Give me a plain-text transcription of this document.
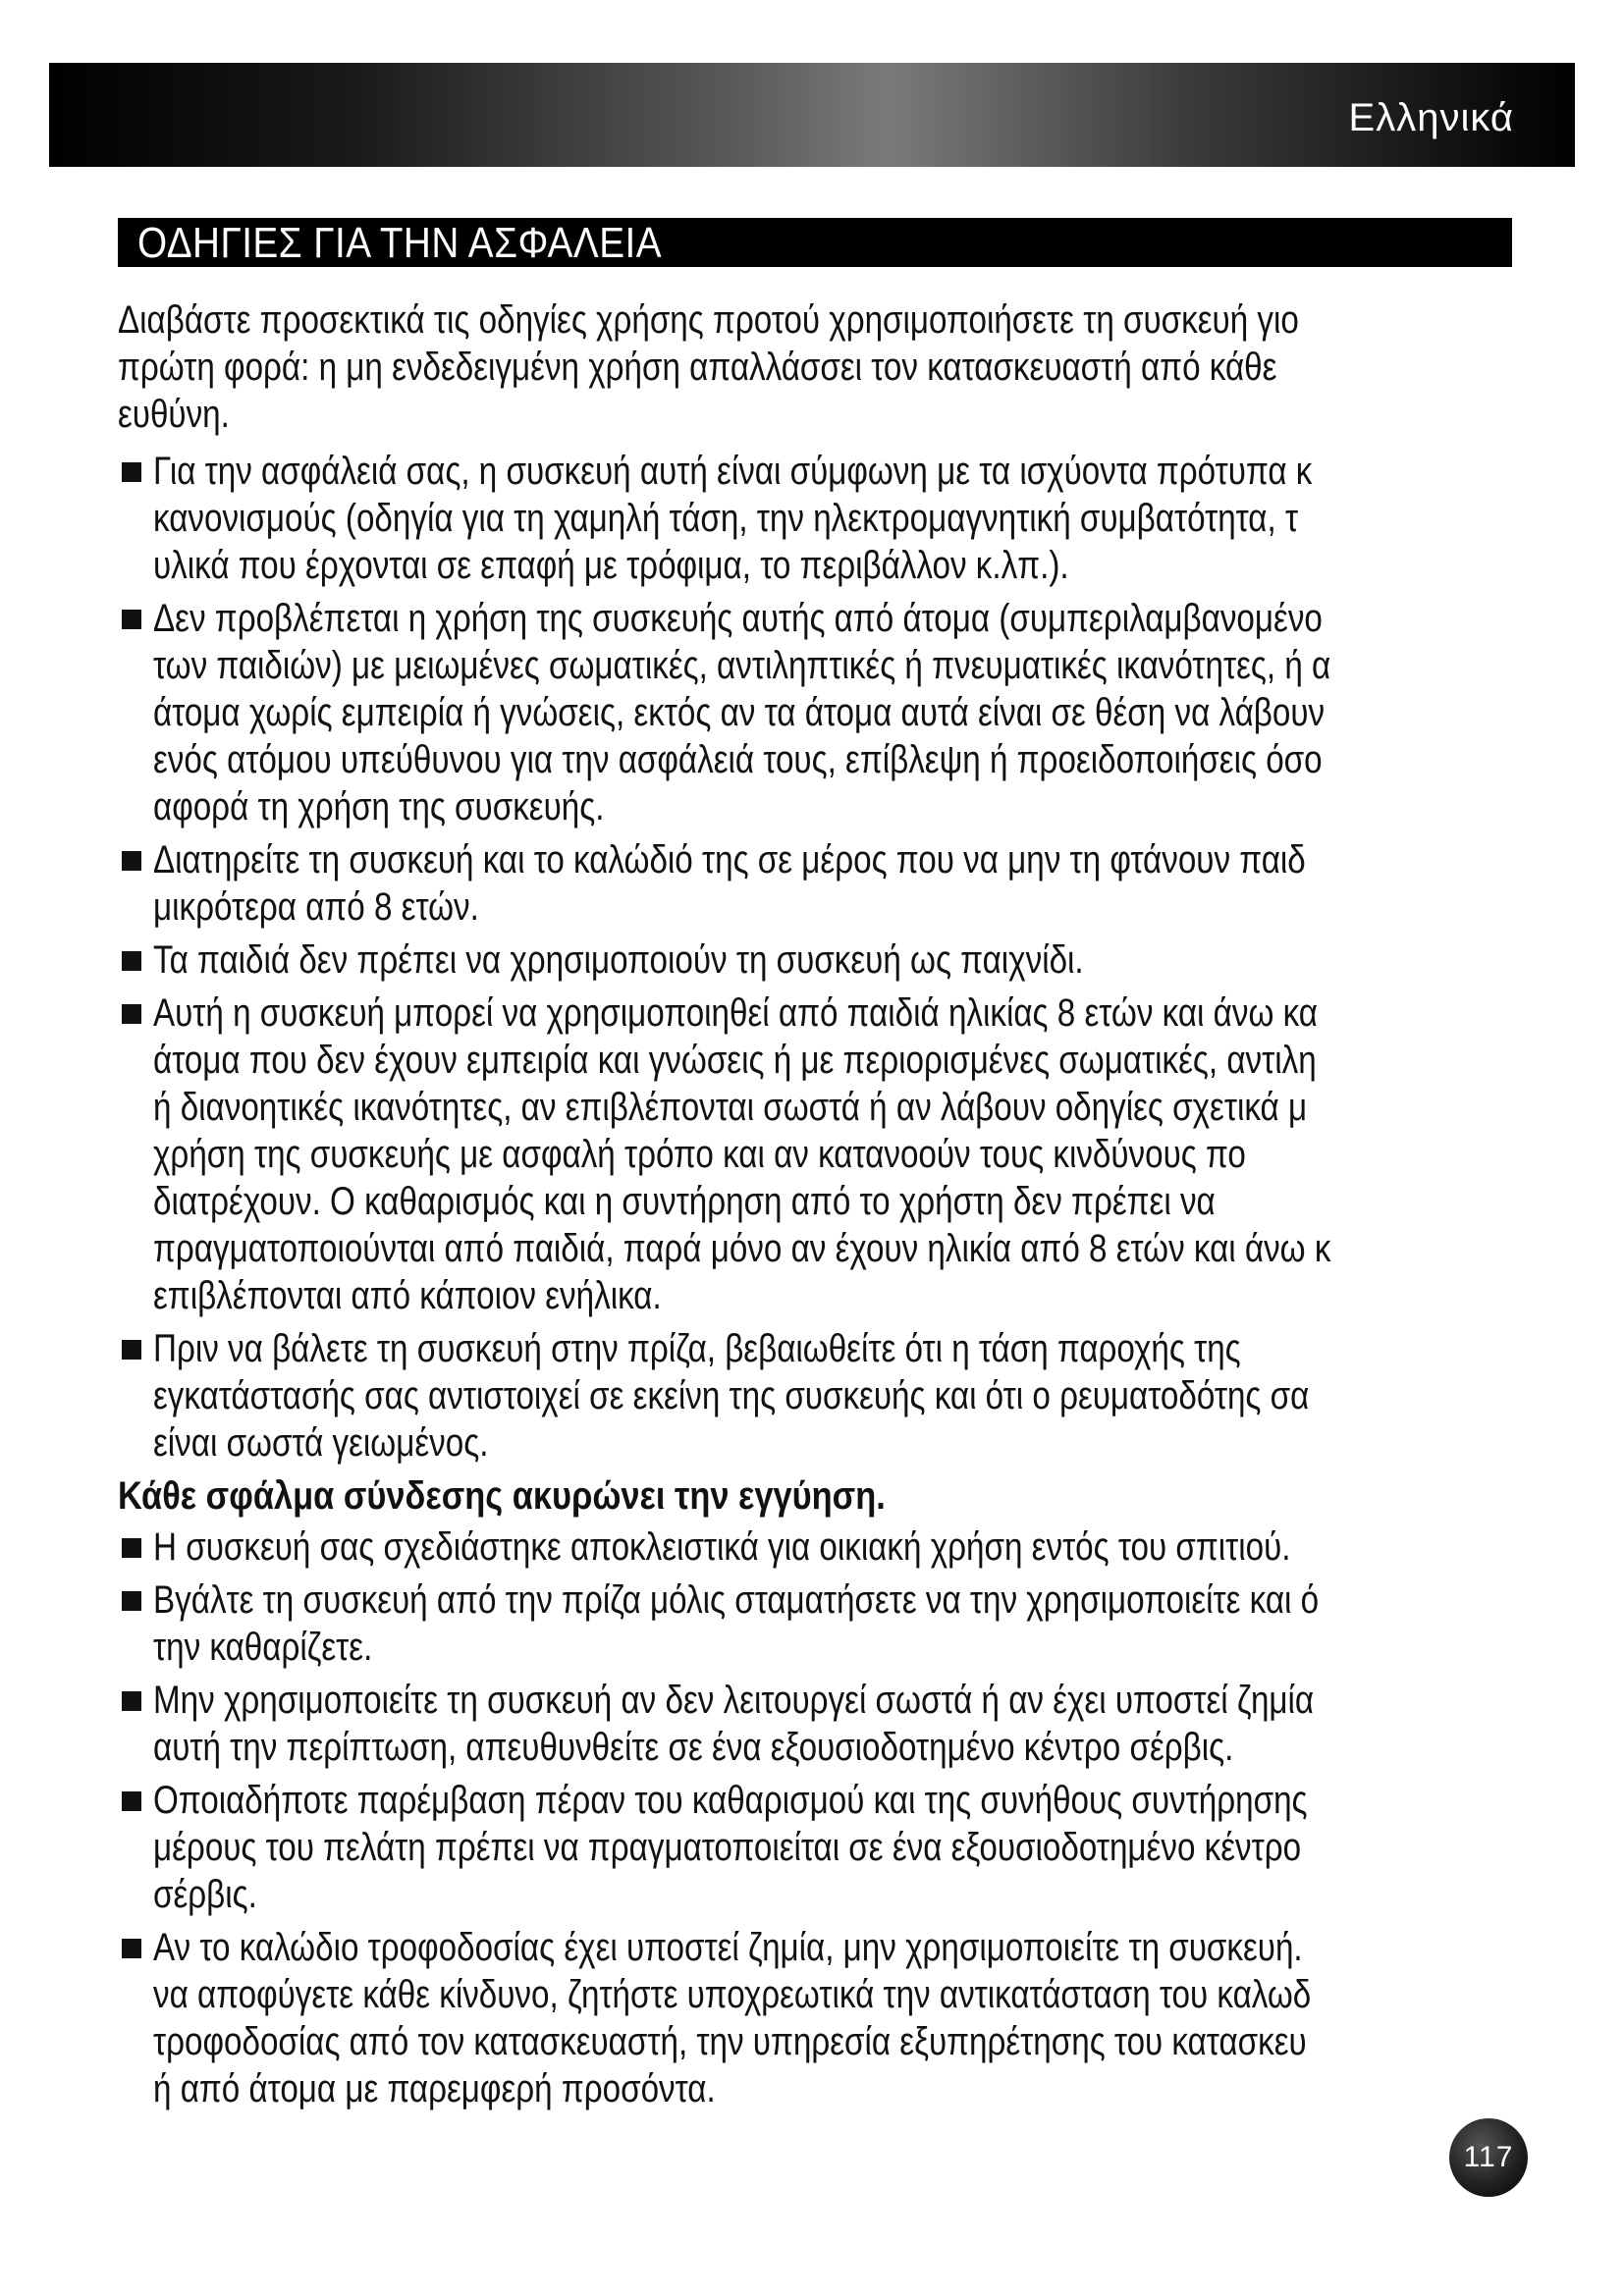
Ελληνικά
ΟΔΗΓΙΕΣ ΓΙΑ ΤΗΝ ΑΣΦΑΛΕΙΑ
Διαβάστε προσεκτικά τις οδηγίες χρήσης προτού χρησιμοποιήσετε τη συσκευή γιο
πρώτη φορά: η μη ενδεδειγμένη χρήση απαλλάσσει τον κατασκευαστή από κάθε
ευθύνη.
Για την ασφάλειά σας, η συσκευή αυτή είναι σύμφωνη με τα ισχύοντα πρότυπα κ
κανονισμούς (οδηγία για τη χαμηλή τάση, την ηλεκτρομαγνητική συμβατότητα, τ
υλικά που έρχονται σε επαφή με τρόφιμα, το περιβάλλον κ.λπ.).
Δεν προβλέπεται η χρήση της συσκευής αυτής από άτομα (συμπεριλαμβανομένο
των παιδιών) με μειωμένες σωματικές, αντιληπτικές ή πνευματικές ικανότητες, ή α
άτομα χωρίς εμπειρία ή γνώσεις, εκτός αν τα άτομα αυτά είναι σε θέση να λάβουν
ενός ατόμου υπεύθυνου για την ασφάλειά τους, επίβλεψη ή προειδοποιήσεις όσο
αφορά τη χρήση της συσκευής.
Διατηρείτε τη συσκευή και το καλώδιό της σε μέρος που να μην τη φτάνουν παιδ
μικρότερα από 8 ετών.
Τα παιδιά δεν πρέπει να χρησιμοποιούν τη συσκευή ως παιχνίδι.
Αυτή η συσκευή μπορεί να χρησιμοποιηθεί από παιδιά ηλικίας 8 ετών και άνω κα
άτομα που δεν έχουν εμπειρία και γνώσεις ή με περιορισμένες σωματικές, αντιλη
ή διανοητικές ικανότητες, αν επιβλέπονται σωστά ή αν λάβουν οδηγίες σχετικά μ
χρήση της συσκευής με ασφαλή τρόπο και αν κατανοούν τους κινδύνους πο
διατρέχουν. Ο καθαρισμός και η συντήρηση από το χρήστη δεν πρέπει να
πραγματοποιούνται από παιδιά, παρά μόνο αν έχουν ηλικία από 8 ετών και άνω κ
επιβλέπονται από κάποιον ενήλικα.
Πριν να βάλετε τη συσκευή στην πρίζα, βεβαιωθείτε ότι η τάση παροχής της
εγκατάστασής σας αντιστοιχεί σε εκείνη της συσκευής και ότι ο ρευματοδότης σα
είναι σωστά γειωμένος.
Κάθε σφάλμα σύνδεσης ακυρώνει την εγγύηση.
Η συσκευή σας σχεδιάστηκε αποκλειστικά για οικιακή χρήση εντός του σπιτιού.
Βγάλτε τη συσκευή από την πρίζα μόλις σταματήσετε να την χρησιμοποιείτε και ό
την καθαρίζετε.
Μην χρησιμοποιείτε τη συσκευή αν δεν λειτουργεί σωστά ή αν έχει υποστεί ζημία
αυτή την περίπτωση, απευθυνθείτε σε ένα εξουσιοδοτημένο κέντρο σέρβις.
Οποιαδήποτε παρέμβαση πέραν του καθαρισμού και της συνήθους συντήρησης
μέρους του πελάτη πρέπει να πραγματοποιείται σε ένα εξουσιοδοτημένο κέντρο
σέρβις.
Αν το καλώδιο τροφοδοσίας έχει υποστεί ζημία, μην χρησιμοποιείτε τη συσκευή.
να αποφύγετε κάθε κίνδυνο, ζητήστε υποχρεωτικά την αντικατάσταση του καλωδ
τροφοδοσίας από τον κατασκευαστή, την υπηρεσία εξυπηρέτησης του κατασκευ
ή από άτομα με παρεμφερή προσόντα.
117
